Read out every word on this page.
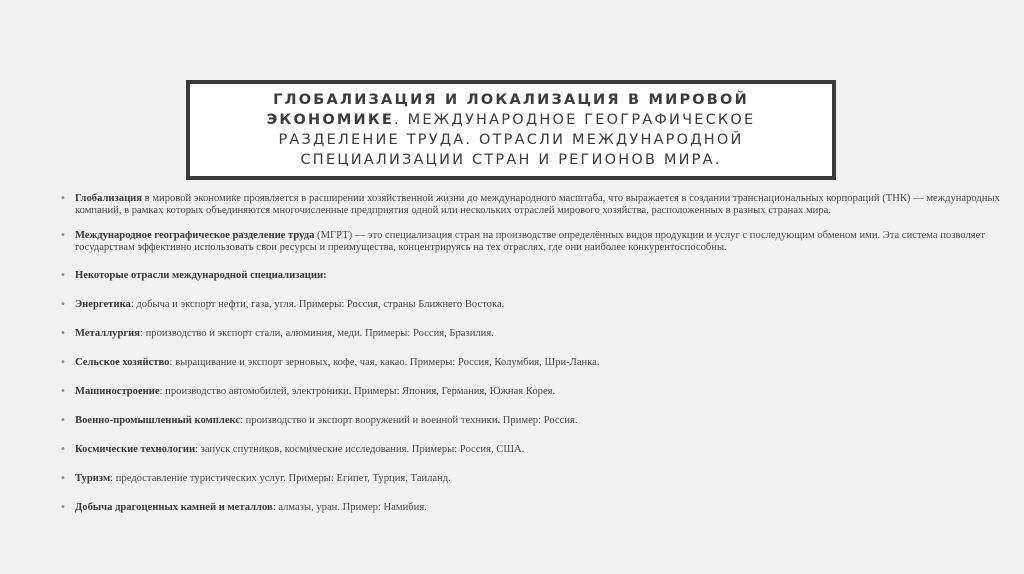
ГЛОБАЛИЗАЦИЯ И ЛОКАЛИЗАЦИЯ В МИРОВОЙ ЭКОНОМИКЕ. МЕЖДУНАРОДНОЕ ГЕОГРАФИЧЕСКОЕ РАЗДЕЛЕНИЕ ТРУДА. ОТРАСЛИ МЕЖДУНАРОДНОЙ СПЕЦИАЛИЗАЦИИ СТРАН И РЕГИОНОВ МИРА.

• Глобализация в мировой экономике проявляется в расширении хозяйственной жизни до международного масштаба, что выражается в создании транснациональных корпораций (ТНК) — международных компаний, в рамках которых объединяются многочисленные предприятия одной или нескольких отраслей мирового хозяйства, расположенных в разных странах мира.
• Международное географическое разделение труда (МГРТ) — это специализация стран на производстве определённых видов продукции и услуг с последующим обменом ими. Эта система позволяет государствам эффективно использовать свои ресурсы и преимущества, концентрируясь на тех отраслях, где они наиболее конкурентоспособны.
• Некоторые отрасли международной специализации:
• Энергетика: добыча и экспорт нефти, газа, угля. Примеры: Россия, страны Ближнего Востока.
• Металлургия: производство и экспорт стали, алюминия, меди. Примеры: Россия, Бразилия.
• Сельское хозяйство: выращивание и экспорт зерновых, кофе, чая, какао. Примеры: Россия, Колумбия, Шри-Ланка.
• Машиностроение: производство автомобилей, электроники. Примеры: Япония, Германия, Южная Корея.
• Военно-промышленный комплекс: производство и экспорт вооружений и военной техники. Пример: Россия.
• Космические технологии: запуск спутников, космические исследования. Примеры: Россия, США.
• Туризм: предоставление туристических услуг. Примеры: Египет, Турция, Таиланд.
• Добыча драгоценных камней и металлов: алмазы, уран. Пример: Намибия.
